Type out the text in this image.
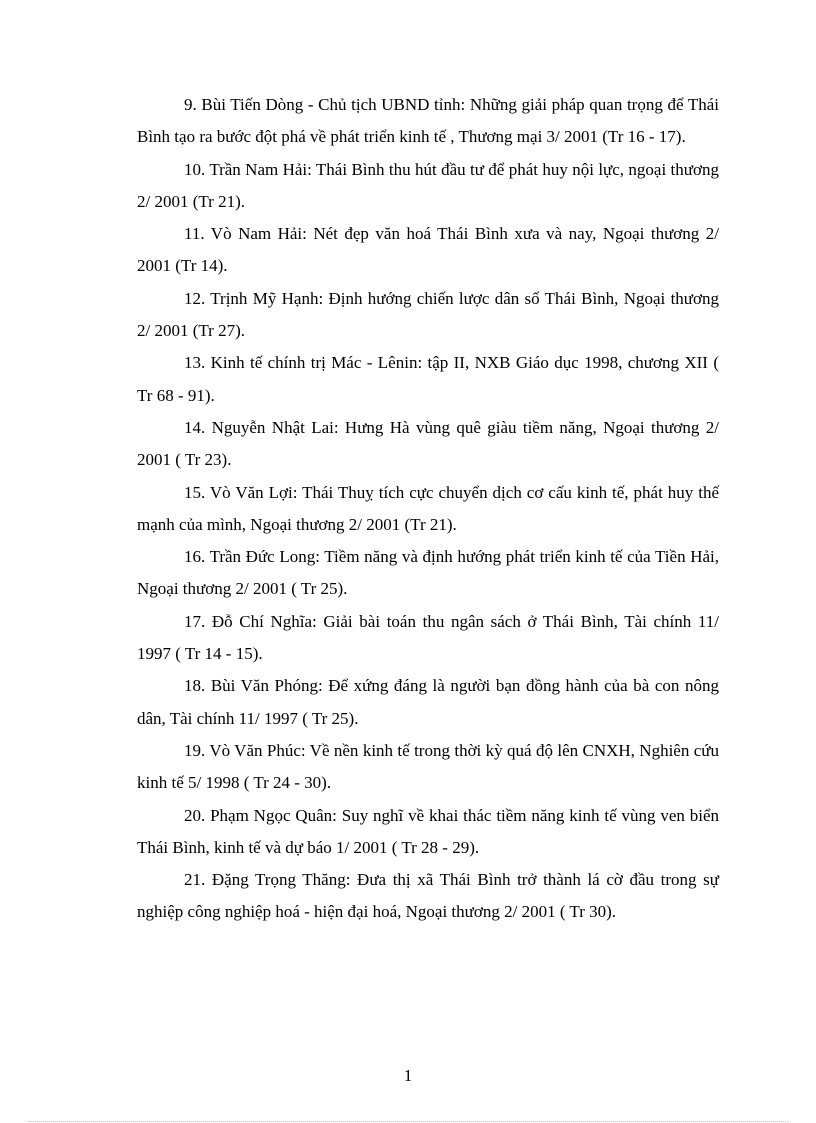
9. Bùi Tiến Dòng - Chủ tịch UBND tỉnh: Những giải pháp quan trọng để Thái Bình tạo ra bước đột phá về phát triển kinh tế , Thương mại 3/ 2001 (Tr 16 - 17).

10. Trần Nam Hải: Thái Bình thu hút đầu tư để phát huy nội lực, ngoại thương 2/ 2001 (Tr 21).

11. Vò Nam Hải: Nét đẹp văn hoá Thái Bình xưa và nay, Ngoại thương 2/ 2001 (Tr 14).

12. Trịnh Mỹ Hạnh: Định hướng chiến lược dân số Thái Bình, Ngoại thương 2/ 2001 (Tr 27).

13. Kinh tế chính trị Mác - Lênin: tập II, NXB Giáo dục 1998, chương XII ( Tr 68 - 91).

14. Nguyễn Nhật Lai: Hưng Hà vùng quê giàu tiềm năng, Ngoại thương 2/ 2001 ( Tr 23).

15. Vò Văn Lợi: Thái Thuỵ tích cực chuyển dịch cơ cấu kinh tế, phát huy thế mạnh của mình, Ngoại thương 2/ 2001 (Tr 21).

16. Trần Đức Long: Tiềm năng và định hướng phát triển kinh tế của Tiền Hải, Ngoại thương 2/ 2001 ( Tr 25).

17. Đỗ Chí Nghĩa: Giải bài toán thu ngân sách ở Thái Bình, Tài chính 11/ 1997 ( Tr 14 - 15).

18. Bùi Văn Phóng: Để xứng đáng là người bạn đồng hành của bà con nông dân, Tài chính 11/ 1997 ( Tr 25).

19. Vò Văn Phúc: Về nền kinh tế trong thời kỳ quá độ lên CNXH, Nghiên cứu kinh tế 5/ 1998 ( Tr 24 - 30).

20. Phạm Ngọc Quân: Suy nghĩ về khai thác tiềm năng kinh tế vùng ven biển Thái Bình, kinh tế và dự báo 1/ 2001 ( Tr 28 - 29).

21. Đặng Trọng Thăng: Đưa thị xã Thái Bình trở thành lá cờ đầu trong sự nghiệp công nghiệp hoá - hiện đại hoá, Ngoại thương 2/ 2001 ( Tr 30).

1
